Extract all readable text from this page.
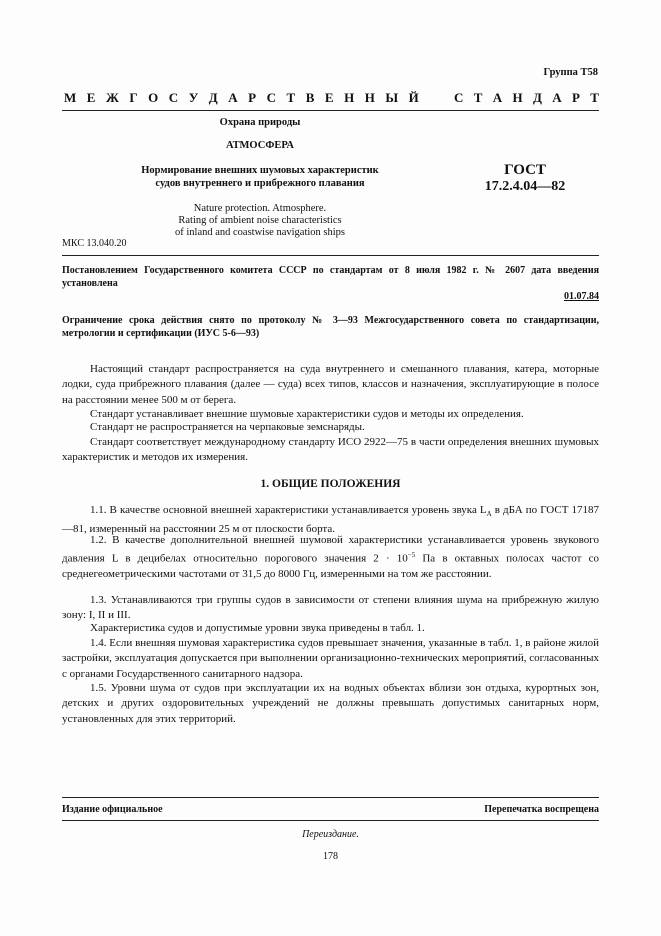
Группа Т58
М Е Ж Г О С У Д А Р С Т В Е Н Н Ы Й	С Т А Н Д А Р Т
Охрана природы
АТМОСФЕРА
Нормирование внешних шумовых характеристик
судов внутреннего и прибрежного плавания
ГОСТ
17.2.4.04—82
Nature protection. Atmosphere.
Rating of ambient noise characteristics
of inland and coastwise navigation ships
МКС 13.040.20
Постановлением Государственного комитета СССР по стандартам от 8 июля 1982 г. № 2607 дата введения установлена
01.07.84
Ограничение срока действия снято по протоколу № 3—93 Межгосударственного совета по стандартизации, метрологии и сертификации (ИУС 5-6—93)
Настоящий стандарт распространяется на суда внутреннего и смешанного плавания, катера, моторные лодки, суда прибрежного плавания (далее — суда) всех типов, классов и назначения, эксплуатирующие в полосе на расстоянии менее 500 м от берега.
Стандарт устанавливает внешние шумовые характеристики судов и методы их определения.
Стандарт не распространяется на черпаковые земснаряды.
Стандарт соответствует международному стандарту ИСО 2922—75 в части определения внешних шумовых характеристик и методов их измерения.
1. ОБЩИЕ ПОЛОЖЕНИЯ
1.1. В качестве основной внешней характеристики устанавливается уровень звука $L_A$ в дБА по ГОСТ 17187—81, измеренный на расстоянии 25 м от плоскости борта.
1.2. В качестве дополнительной внешней шумовой характеристики устанавливается уровень звукового давления L в децибелах относительно порогового значения $2 \cdot 10^{-5}$ Па в октавных полосах частот со среднегеометрическими частотами от 31,5 до 8000 Гц, измеренными на том же расстоянии.
1.3. Устанавливаются три группы судов в зависимости от степени влияния шума на прибрежную жилую зону: I, II и III.
Характеристика судов и допустимые уровни звука приведены в табл. 1.
1.4. Если внешняя шумовая характеристика судов превышает значения, указанные в табл. 1, в районе жилой застройки, эксплуатация допускается при выполнении организационно-технических мероприятий, согласованных с органами Государственного санитарного надзора.
1.5. Уровни шума от судов при эксплуатации их на водных объектах вблизи зон отдыха, курортных зон, детских и других оздоровительных учреждений не должны превышать допустимых санитарных норм, установленных для этих территорий.
Издание официальное	Перепечатка воспрещена
Переиздание.
178
